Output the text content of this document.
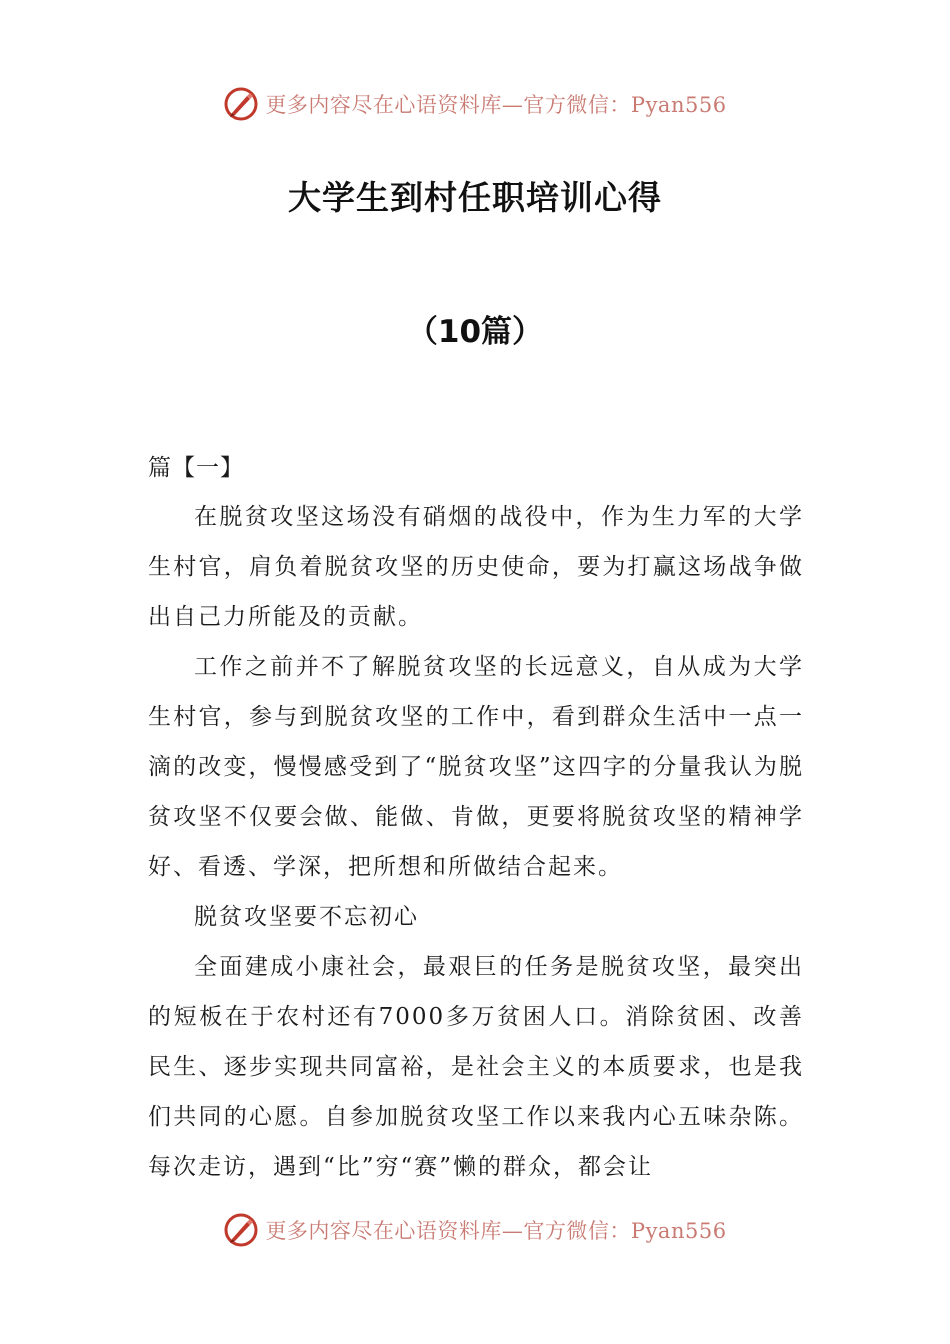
更多内容尽在心语资料库—官方微信：Pyan556
大学生到村任职培训心得
（10篇）

篇【一】

在脱贫攻坚这场没有硝烟的战役中，作为生力军的大学生村官，肩负着脱贫攻坚的历史使命，要为打赢这场战争做出自己力所能及的贡献。

工作之前并不了解脱贫攻坚的长远意义，自从成为大学生村官，参与到脱贫攻坚的工作中，看到群众生活中一点一滴的改变，慢慢感受到了“脱贫攻坚”这四字的分量我认为脱贫攻坚不仅要会做、能做、肯做，更要将脱贫攻坚的精神学好、看透、学深，把所想和所做结合起来。

脱贫攻坚要不忘初心

全面建成小康社会，最艰巨的任务是脱贫攻坚，最突出的短板在于农村还有7000多万贫困人口。消除贫困、改善民生、逐步实现共同富裕，是社会主义的本质要求，也是我们共同的心愿。自参加脱贫攻坚工作以来我内心五味杂陈。每次走访，遇到“比”穷“赛”懒的群众，都会让

更多内容尽在心语资料库—官方微信：Pyan556
